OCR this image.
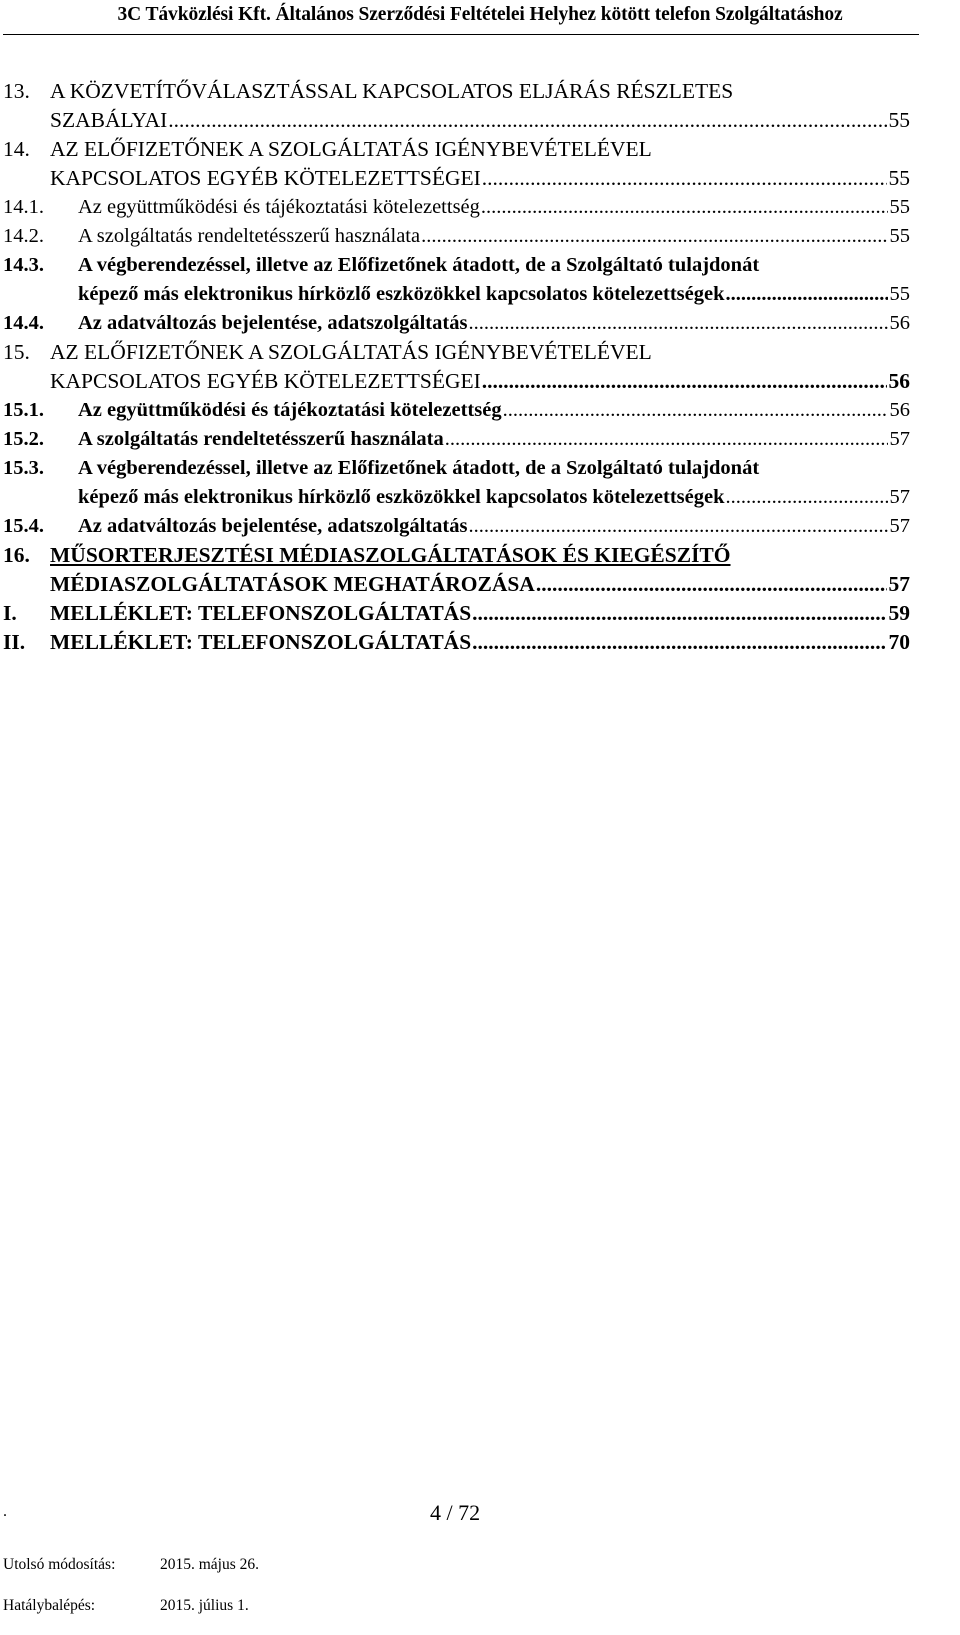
3C Távközlési Kft. Általános Szerződési Feltételei Helyhez kötött telefon Szolgáltatáshoz
13. A KÖZVETÍTŐVÁLASZTÁSSAL KAPCSOLATOS ELJÁRÁS RÉSZLETES
SZABÁLYAI .....	55
14. AZ ELŐFIZETŐNEK A SZOLGÁLTATÁS IGÉNYBEVÉTELÉVEL
KAPCSOLATOS EGYÉB KÖTELEZETTSÉGEI .....	55
14.1.	Az együttműködési és tájékoztatási kötelezettség .....	55
14.2.	A szolgáltatás rendeltetésszerű használata .....	55
14.3.	A végberendezéssel, illetve az Előfizetőnek átadott, de a Szolgáltató tulajdonát
képező más elektronikus hírközlő eszközökkel kapcsolatos kötelezettségek .....	55
14.4.	Az adatváltozás bejelentése, adatszolgáltatás .....	56
15. AZ ELŐFIZETŐNEK A SZOLGÁLTATÁS IGÉNYBEVÉTELÉVEL
KAPCSOLATOS EGYÉB KÖTELEZETTSÉGEI .....	56
15.1.	Az együttműködési és tájékoztatási kötelezettség .....	56
15.2.	A szolgáltatás rendeltetésszerű használata .....	57
15.3.	A végberendezéssel, illetve az Előfizetőnek átadott, de a Szolgáltató tulajdonát
képező más elektronikus hírközlő eszközökkel kapcsolatos kötelezettségek .....	57
15.4.	Az adatváltozás bejelentése, adatszolgáltatás .....	57
16. MŰSORTERJESZTÉSI MÉDIASZOLGÁLTATÁSOK ÉS KIEGÉSZÍTŐ
MÉDIASZOLGÁLTATÁSOK MEGHATÁROZÁSA .....	57
I.	MELLÉKLET: TELEFONSZOLGÁLTATÁS .....	59
II.	MELLÉKLET: TELEFONSZOLGÁLTATÁS .....	70
.	4 / 72
Utolsó módosítás:	2015. május 26.
Hatálybalépés:	2015. július 1.
